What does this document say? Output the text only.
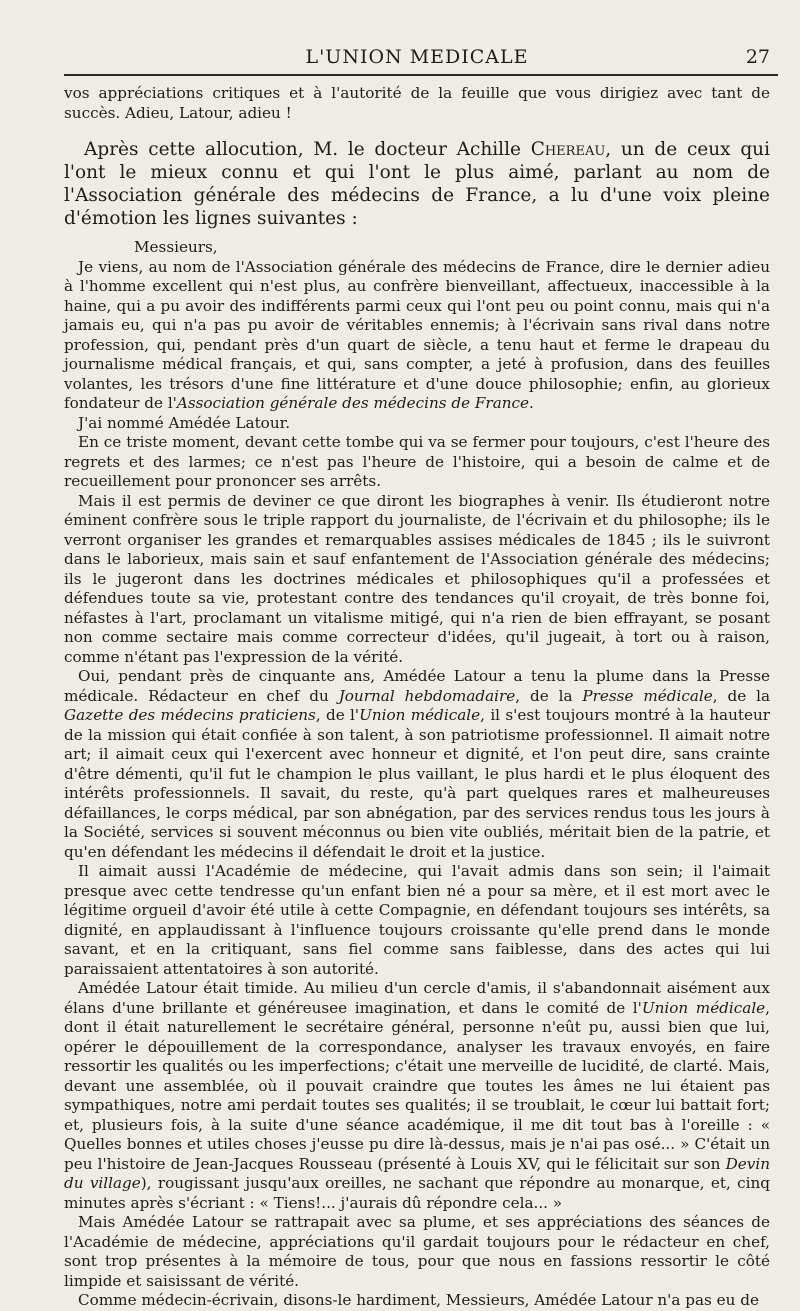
L'UNION MEDICALE	27

vos appréciations critiques et à l'autorité de la feuille que vous dirigiez avec tant de succès. Adieu, Latour, adieu !

Après cette allocution, M. le docteur Achille Chereau, un de ceux qui l'ont le mieux connu et qui l'ont le plus aimé, parlant au nom de l'Association générale des médecins de France, a lu d'une voix pleine d'émotion les lignes suivantes :

Messieurs,

Je viens, au nom de l'Association générale des médecins de France, dire le dernier adieu à l'homme excellent qui n'est plus, au confrère bienveillant, affectueux, inaccessible à la haine, qui a pu avoir des indifférents parmi ceux qui l'ont peu ou point connu, mais qui n'a jamais eu, qui n'a pas pu avoir de véritables ennemis; à l'écrivain sans rival dans notre profession, qui, pendant près d'un quart de siècle, a tenu haut et ferme le drapeau du journalisme médical français, et qui, sans compter, a jeté à profusion, dans des feuilles volantes, les trésors d'une fine littérature et d'une douce philosophie; enfin, au glorieux fondateur de l'Association générale des médecins de France.

J'ai nommé Amédée Latour.

En ce triste moment, devant cette tombe qui va se fermer pour toujours, c'est l'heure des regrets et des larmes; ce n'est pas l'heure de l'histoire, qui a besoin de calme et de recueillement pour prononcer ses arrêts.

Mais il est permis de deviner ce que diront les biographes à venir. Ils étudieront notre éminent confrère sous le triple rapport du journaliste, de l'écrivain et du philosophe; ils le verront organiser les grandes et remarquables assises médicales de 1845 ; ils le suivront dans le laborieux, mais sain et sauf enfantement de l'Association générale des médecins; ils le jugeront dans les doctrines médicales et philosophiques qu'il a professées et défendues toute sa vie, protestant contre des tendances qu'il croyait, de très bonne foi, néfastes à l'art, proclamant un vitalisme mitigé, qui n'a rien de bien effrayant, se posant non comme sectaire mais comme correcteur d'idées, qu'il jugeait, à tort ou à raison, comme n'étant pas l'expression de la vérité.

Oui, pendant près de cinquante ans, Amédée Latour a tenu la plume dans la Presse médicale. Rédacteur en chef du Journal hebdomadaire, de la Presse médicale, de la Gazette des médecins praticiens, de l'Union médicale, il s'est toujours montré à la hauteur de la mission qui était confiée à son talent, à son patriotisme professionnel. Il aimait notre art; il aimait ceux qui l'exercent avec honneur et dignité, et l'on peut dire, sans crainte d'être démenti, qu'il fut le champion le plus vaillant, le plus hardi et le plus éloquent des intérêts professionnels. Il savait, du reste, qu'à part quelques rares et malheureuses défaillances, le corps médical, par son abnégation, par des services rendus tous les jours à la Société, services si souvent méconnus ou bien vite oubliés, méritait bien de la patrie, et qu'en défendant les médecins il défendait le droit et la justice.

Il aimait aussi l'Académie de médecine, qui l'avait admis dans son sein; il l'aimait presque avec cette tendresse qu'un enfant bien né a pour sa mère, et il est mort avec le légitime orgueil d'avoir été utile à cette Compagnie, en défendant toujours ses intérêts, sa dignité, en applaudissant à l'influence toujours croissante qu'elle prend dans le monde savant, et en la critiquant, sans fiel comme sans faiblesse, dans des actes qui lui paraissaient attentatoires à son autorité.

Amédée Latour était timide. Au milieu d'un cercle d'amis, il s'abandonnait aisément aux élans d'une brillante et généreusee imagination, et dans le comité de l'Union médicale, dont il était naturellement le secrétaire général, personne n'eût pu, aussi bien que lui, opérer le dépouillement de la correspondance, analyser les travaux envoyés, en faire ressortir les qualités ou les imperfections; c'était une merveille de lucidité, de clarté. Mais, devant une assemblée, où il pouvait craindre que toutes les âmes ne lui étaient pas sympathiques, notre ami perdait toutes ses qualités; il se troublait, le cœur lui battait fort; et, plusieurs fois, à la suite d'une séance académique, il me dit tout bas à l'oreille : « Quelles bonnes et utiles choses j'eusse pu dire là-dessus, mais je n'ai pas osé... » C'était un peu l'histoire de Jean-Jacques Rousseau (présenté à Louis XV, qui le félicitait sur son Devin du village), rougissant jusqu'aux oreilles, ne sachant que répondre au monarque, et, cinq minutes après s'écriant : « Tiens!... j'aurais dû répondre cela... »

Mais Amédée Latour se rattrapait avec sa plume, et ses appréciations des séances de l'Académie de médecine, appréciations qu'il gardait toujours pour le rédacteur en chef, sont trop présentes à la mémoire de tous, pour que nous en fassions ressortir le côté limpide et saisissant de vérité.

Comme médecin-écrivain, disons-le hardiment, Messieurs, Amédée Latour n'a pas eu de
